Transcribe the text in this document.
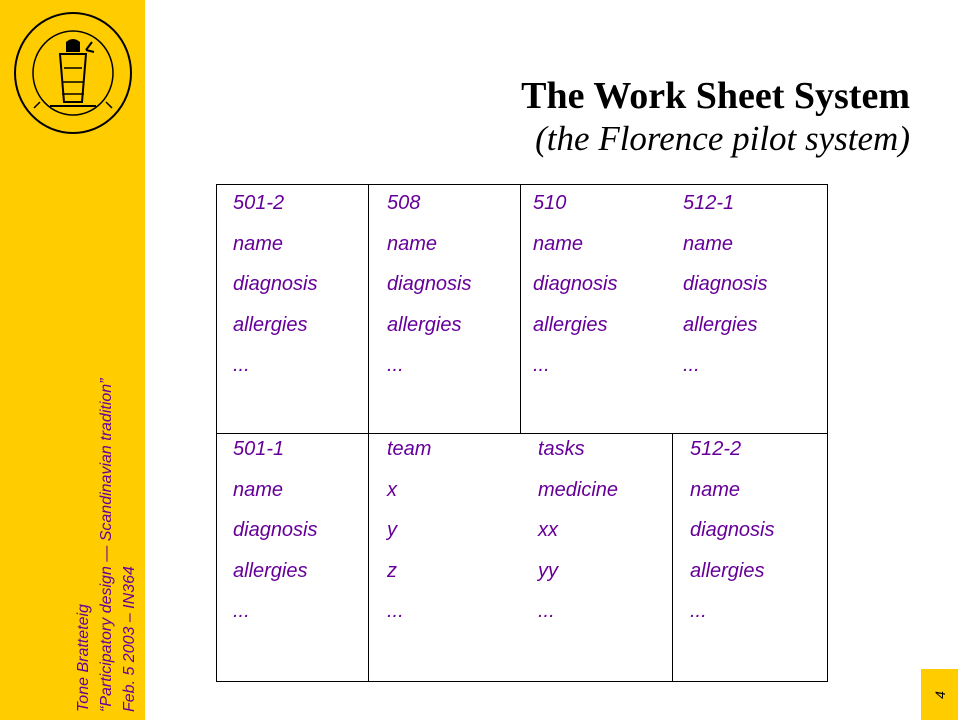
Tone Bratteteig “Participatory design — Scandinavian tradition” Feb. 5 2003 – IN364
The Work Sheet System
(the Florence pilot system)
501-2
name
diagnosis
allergies
...
508
name
diagnosis
allergies
...
510
name
diagnosis
allergies
...
512-1
name
diagnosis
allergies
...
501-1
name
diagnosis
allergies
...
team
x
y
z
...
tasks
medicine
xx
yy
...
512-2
name
diagnosis
allergies
...
4
